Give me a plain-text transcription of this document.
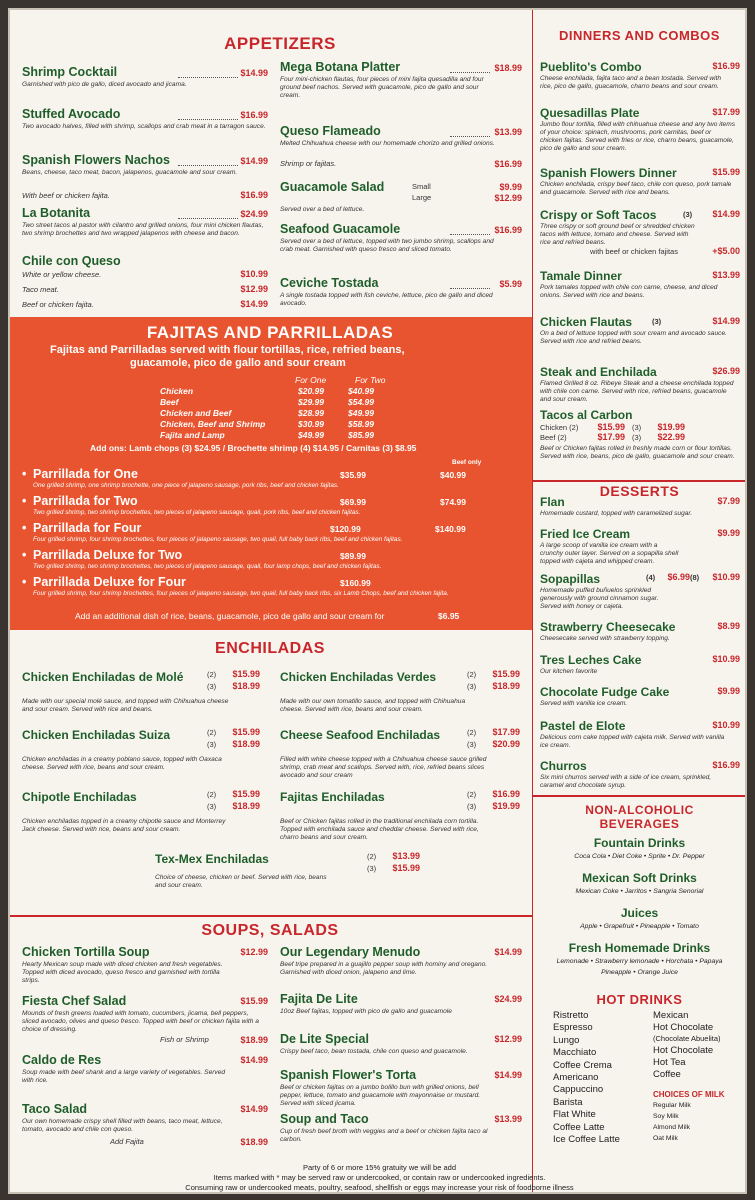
APPETIZERS
Shrimp Cocktail	$14.99
Garnished with pico de gallo, diced avocado and jicama.
Stuffed Avocado	$16.99
Two avocado halves, filled with shrimp, scallops and crab meat in a tarragon sauce.
Spanish Flowers Nachos	$14.99
Beans, cheese, taco meat, bacon, jalapenos, guacamole and sour cream.
With beef or chicken fajita.	$16.99
La Botanita	$24.99
Two street tacos al pastor with cilantro and grilled onions, four mini chicken flautas, two shrimp brochettes and two wrapped jalapenos with cheese and bacon.
Chile con Queso
White or yellow cheese.	$10.99
Taco meat.	$12.99
Beef or chicken fajita.	$14.99
Mega Botana Platter	$18.99
Four mini-chicken flautas, four pieces of mini fajita quesadilla and four ground beef nachos. Served with guacamole, pico de gallo and sour cream.
Queso Flameado	$13.99
Melted Chihuahua cheese with our homemade chorizo and grilled onions.
Shrimp or fajitas.	$16.99
Guacamole Salad
Served over a bed of lettuce.
Small	$9.99
Large	$12.99
Seafood Guacamole	$16.99
Served over a bed of lettuce, topped with two jumbo shrimp, scallops and crab meat. Garnished with queso fresco and sliced tomato.
Ceviche Tostada	$5.99
A single tostada topped with fish ceviche, lettuce, pico de gallo and diced avocado.
FAJITAS AND PARRILLADAS
Fajitas and Parrilladas served with flour tortillas, rice, refried beans,
guacamole, pico de gallo and sour cream
For One	For Two
Chicken	$20.99	$40.99
Beef	$29.99	$54.99
Chicken and Beef	$28.99	$49.99
Chicken, Beef and Shrimp	$30.99	$58.99
Fajita and Lamp	$49.99	$85.99
Add ons: Lamb chops (3) $24.95 / Brochette shrimp (4) $14.95 / Carnitas (3) $8.95
Beef only
• Parrillada for One	$35.99	$40.99
One grilled shrimp, one shrimp brochette, one piece of jalapeno sausage, pork ribs, beef and chicken fajitas.
• Parrillada for Two	$69.99	$74.99
Two grilled shrimp, two shrimp brochettes, two pieces of jalapeno sausage, quail, pork ribs, beef and chicken fajitas.
• Parrillada for Four	$120.99	$140.99
Four grilled shrimp, four shrimp brochettes, four pieces of jalapeno sausage, two quail, full baby back ribs, beef and chicken fajitas.
• Parrillada Deluxe for Two	$89.99
Two grilled shrimp, two shrimp brochettes, two pieces of jalapeno sausage, quail, four lamp chops, beef and chicken fajitas.
• Parrillada Deluxe for Four	$160.99
Four grilled shrimp, four shrimp brochettes, four pieces of jalapeno sausage, two quail, full baby back ribs, six Lamb Chops, beef and chicken fajita.
Add an additional dish of rice, beans, guacamole, pico de gallo and sour cream for	$6.95
ENCHILADAS
Chicken Enchiladas de Molé	(2)	$15.99
(3)	$18.99
Made with our special molé sauce, and topped with Chihuahua cheese and sour cream. Served with rice and beans.
Chicken Enchiladas Verdes	(2)	$15.99
(3)	$18.99
Made with our own tomatillo sauce, and topped with Chihuahua cheese. Served with rice, beans and sour cream.
Chicken Enchiladas Suiza	(2)	$15.99
(3)	$18.99
Chicken enchiladas in a creamy poblano sauce, topped with Oaxaca cheese. Served with rice, beans and sour cream.
Cheese Seafood Enchiladas	(2)	$17.99
(3)	$20.99
Filled with white cheese topped with a Chihuahua cheese sauce grilled shrimp, crab meat and scallops. Served with, rice, refried beans slices avocado and sour cream
Chipotle Enchiladas	(2)	$15.99
(3)	$18.99
Chicken enchiladas topped in a creamy chipotle sauce and Monterrey Jack cheese. Served with rice, beans and sour cream.
Fajitas Enchiladas	(2)	$16.99
(3)	$19.99
Beef or Chicken fajitas rolled in the traditional enchilada corn tortilla. Topped with enchilada sauce and cheddar cheese. Served with rice, charro beans and sour cream.
Tex-Mex Enchiladas	(2)	$13.99
(3)	$15.99
Choice of cheese, chicken or beef. Served with rice, beans and sour cream.
SOUPS, SALADS
Chicken Tortilla Soup	$12.99
Hearty Mexican soup made with diced chicken and fresh vegetables. Topped with diced avocado, queso fresco and garnished with tortilla strips.
Fiesta Chef Salad	$15.99
Mounds of fresh greens loaded with tomato, cucumbers, jicama, bell peppers, sliced avocado, olives and queso fresco. Topped with beef or chicken fajita with a choice of dressing.
Fish or Shrimp	$18.99
Caldo de Res	$14.99
Soup made with beef shank and a large variety of vegetables. Served with rice.
Taco Salad	$14.99
Our own homemade crispy shell filled with beans, taco meat, lettuce, tomato, avocado and chile con queso.
Add Fajita	$18.99
Our Legendary Menudo	$14.99
Beef tripe prepared in a guajillo pepper soup with hominy and oregano. Garnished with diced onion, jalapeno and lime.
Fajita De Lite	$24.99
10oz Beef fajitas, topped with pico de gallo and guacamole
De Lite Special	$12.99
Crispy beef taco, bean tostada, chile con queso and guacamole.
Spanish Flower's Torta	$14.99
Beef or chicken fajitas on a jumbo bolillo bun with grilled onions, bell pepper, lettuce, tomato and guacamole with mayonnaise or mustard. Served with sliced jicama.
Soup and Taco	$13.99
Cup of fresh beef broth with veggies and a beef or chicken fajita taco al carbon.
DINNERS AND COMBOS
Pueblito's Combo	$16.99
Cheese enchilada, fajita taco and a bean tostada. Served with rice, pico de gallo, guacamole, charro beans and sour cream.
Quesadillas Plate	$17.99
Jumbo flour tortilla, filled with chihuahua cheese and any two items of your choice: spinach, mushrooms, pork carnitas, beef or chicken fajitas. Served with fries or rice, charro beans, guacamole, pico de gallo and sour cream.
Spanish Flowers Dinner	$15.99
Chicken enchilada, crispy beef taco, chile con queso, pork tamale and guacamole. Served with rice and beans.
Crispy or Soft Tacos	(3)	$14.99
Three crispy or soft ground beef or shredded chicken tacos with lettuce, tomato and cheese. Served with rice and refried beans.
with beef or chicken fajitas	+$5.00
Tamale Dinner	$13.99
Pork tamales topped with chile con carne, cheese, and diced onions. Served with rice and beans.
Chicken Flautas	(3)	$14.99
On a bed of lettuce topped with sour cream and avocado sauce. Served with rice and refried beans.
Steak and Enchilada	$26.99
Flamed Grilled 8 oz. Ribeye Steak and a cheese enchilada topped with chile con carne. Served with rice, refried beans, guacamole and sour cream.
Tacos al Carbon
Chicken (2)	$15.99 (3)	$19.99
Beef (2)	$17.99 (3)	$22.99
Beef or Chicken fajitas rolled in freshly made corn or flour tortillas. Served with rice, beans, pico de gallo, guacamole and sour cream.
DESSERTS
Flan	$7.99
Homemade custard, topped with caramelized sugar.
Fried Ice Cream	$9.99
A large scoop of vanilla ice cream with a crunchy outer layer. Served on a sopapilla shell topped with cajeta and whipped cream.
Sopapillas	(4)	$6.99 (8)	$10.99
Homemade puffed buñuelos sprinkled generously with ground cinnamon sugar. Served with honey or cajeta.
Strawberry Cheesecake	$8.99
Cheesecake served with strawberry topping.
Tres Leches Cake	$10.99
Our kitchen favorite
Chocolate Fudge Cake	$9.99
Served with vanilla ice cream.
Pastel de Elote	$10.99
Delicious corn cake topped with cajeta milk. Served with vanilla ice cream.
Churros	$16.99
Six mini churros served with a side of ice cream, sprinkled, caramel and chocolate syrup.
NON-ALCOHOLIC
BEVERAGES
Fountain Drinks
Coca Cola • Diet Coke • Sprite • Dr. Pepper
Mexican Soft Drinks
Mexican Coke • Jarritos • Sangria Senorial
Juices
Apple • Grapefruit • Pineapple • Tomato
Fresh Homemade Drinks
Lemonade • Strawberry lemonade • Horchata • Papaya
Pineapple • Orange Juice
HOT DRINKS
Ristretto
Espresso
Lungo
Macchiato
Coffee Crema
Americano
Cappuccino
Barista
Flat White
Coffee Latte
Ice Coffee Latte
Mexican
Hot Chocolate
(Chocolate Abuelita)
Hot Chocolate
Hot Tea
Coffee
CHOICES OF MILK
Regular Milk
Soy Milk
Almond Milk
Oat Milk
Party of 6 or more 15% gratuity we will be add
Items marked with * may be served raw or undercooked, or contain raw or undercooked ingredients.
Consuming raw or undercooked meats, poultry, seafood, shellfish or eggs may increase your risk of foodborne illness
